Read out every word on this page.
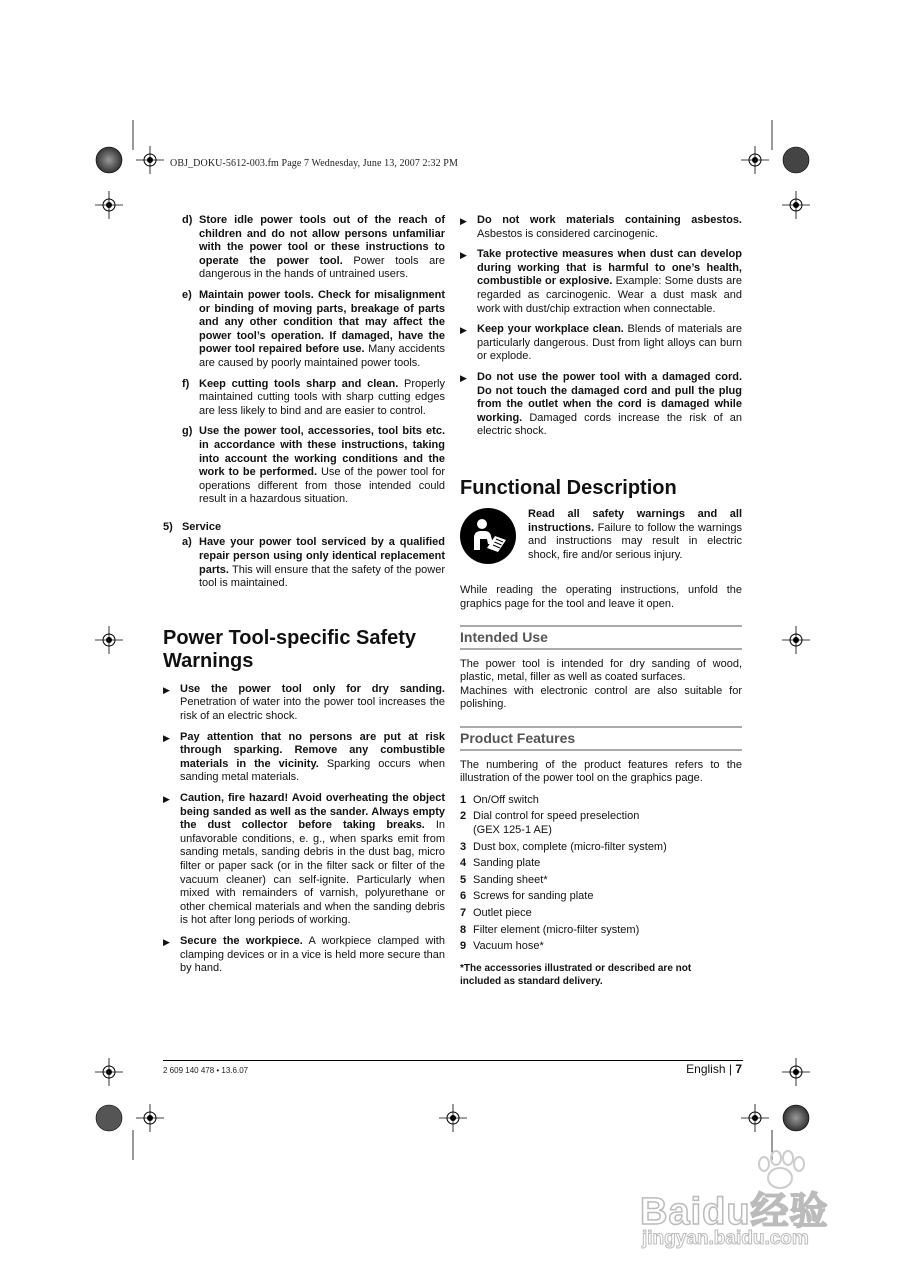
OBJ_DOKU-5612-003.fm Page 7 Wednesday, June 13, 2007 2:32 PM
d) Store idle power tools out of the reach of children and do not allow persons unfamiliar with the power tool or these instructions to operate the power tool. Power tools are dangerous in the hands of untrained users.
e) Maintain power tools. Check for misalignment or binding of moving parts, breakage of parts and any other condition that may affect the power tool’s operation. If damaged, have the power tool repaired before use. Many accidents are caused by poorly maintained power tools.
f) Keep cutting tools sharp and clean. Properly maintained cutting tools with sharp cutting edges are less likely to bind and are easier to control.
g) Use the power tool, accessories, tool bits etc. in accordance with these instructions, taking into account the working conditions and the work to be performed. Use of the power tool for operations different from those intended could result in a hazardous situation.
5)   Service
a) Have your power tool serviced by a qualified repair person using only identical replacement parts. This will ensure that the safety of the power tool is maintained.
Power Tool-specific Safety Warnings
▶ Use the power tool only for dry sanding. Penetration of water into the power tool increases the risk of an electric shock.
▶ Pay attention that no persons are put at risk through sparking. Remove any combustible materials in the vicinity. Sparking occurs when sanding metal materials.
▶ Caution, fire hazard! Avoid overheating the object being sanded as well as the sander. Always empty the dust collector before taking breaks. In unfavorable conditions, e. g., when sparks emit from sanding metals, sanding debris in the dust bag, micro filter or paper sack (or in the filter sack or filter of the vacuum cleaner) can self-ignite. Particularly when mixed with remainders of varnish, polyurethane or other chemical materials and when the sanding debris is hot after long periods of working.
▶ Secure the workpiece. A workpiece clamped with clamping devices or in a vice is held more secure than by hand.
▶ Do not work materials containing asbestos. Asbestos is considered carcinogenic.
▶ Take protective measures when dust can develop during working that is harmful to one’s health, combustible or explosive. Example: Some dusts are regarded as carcinogenic. Wear a dust mask and work with dust/chip extraction when connectable.
▶ Keep your workplace clean. Blends of materials are particularly dangerous. Dust from light alloys can burn or explode.
▶ Do not use the power tool with a damaged cord. Do not touch the damaged cord and pull the plug from the outlet when the cord is damaged while working. Damaged cords increase the risk of an electric shock.
Functional Description
Read all safety warnings and all instructions. Failure to follow the warnings and instructions may result in electric shock, fire and/or serious injury.

While reading the operating instructions, unfold the graphics page for the tool and leave it open.

Intended Use

The power tool is intended for dry sanding of wood, plastic, metal, filler as well as coated surfaces.

Machines with electronic control are also suitable for polishing.

Product Features

The numbering of the product features refers to the illustration of the power tool on the graphics page.

1 On/Off switch
2 Dial control for speed preselection (GEX 125-1 AE)
3 Dust box, complete (micro-filter system)
4 Sanding plate
5 Sanding sheet*
6 Screws for sanding plate
7 Outlet piece
8 Filter element (micro-filter system)
9 Vacuum hose*

*The accessories illustrated or described are not included as standard delivery.

2 609 140 478 • 13.6.07	English | 7
Baidu经验
jingyan.baidu.com
